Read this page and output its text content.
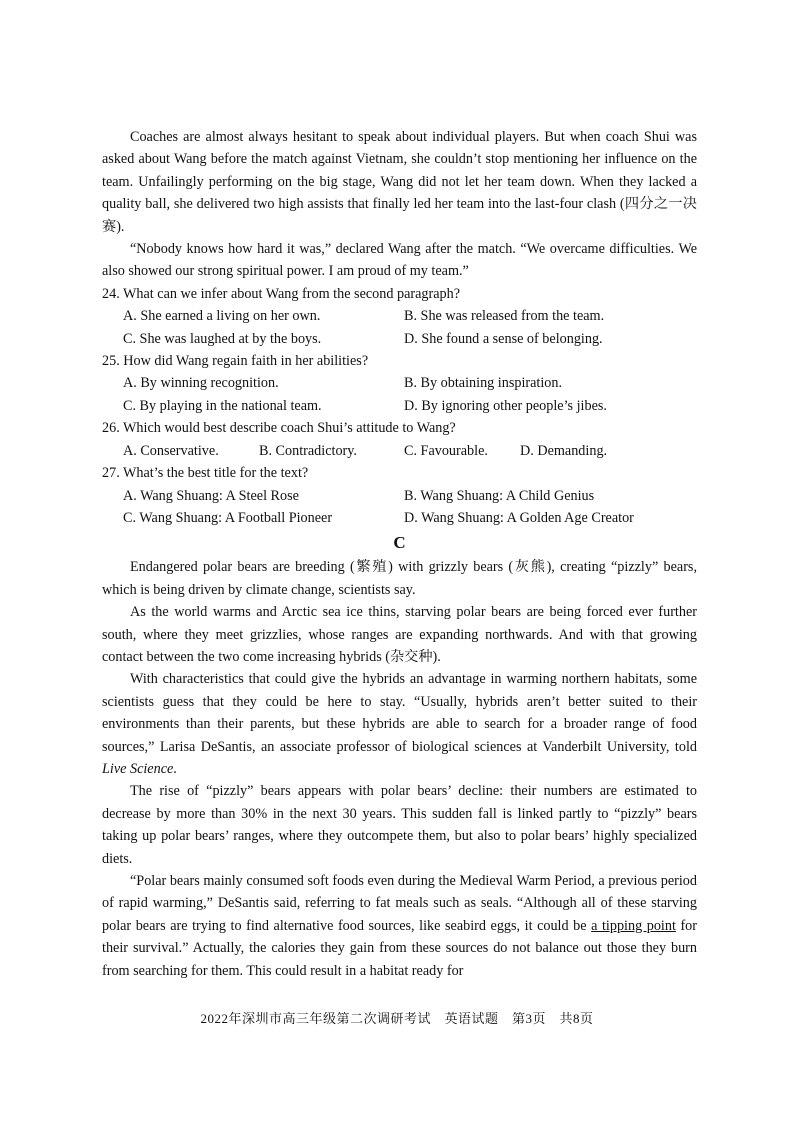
Coaches are almost always hesitant to speak about individual players. But when coach Shui was asked about Wang before the match against Vietnam, she couldn’t stop mentioning her influence on the team. Unfailingly performing on the big stage, Wang did not let her team down. When they lacked a quality ball, she delivered two high assists that finally led her team into the last-four clash (四分之一决赛).

“Nobody knows how hard it was,” declared Wang after the match. “We overcame difficulties. We also showed our strong spiritual power. I am proud of my team.”

24. What can we infer about Wang from the second paragraph?
A. She earned a living on her own.	B. She was released from the team.
C. She was laughed at by the boys.	D. She found a sense of belonging.
25. How did Wang regain faith in her abilities?
A. By winning recognition.	B. By obtaining inspiration.
C. By playing in the national team.	D. By ignoring other people’s jibes.
26. Which would best describe coach Shui’s attitude to Wang?
A. Conservative.	B. Contradictory.	C. Favourable.	D. Demanding.
27. What’s the best title for the text?
A. Wang Shuang: A Steel Rose	B. Wang Shuang: A Child Genius
C. Wang Shuang: A Football Pioneer	D. Wang Shuang: A Golden Age Creator
C

Endangered polar bears are breeding (繁殖) with grizzly bears (灰熊), creating “pizzly” bears, which is being driven by climate change, scientists say.

As the world warms and Arctic sea ice thins, starving polar bears are being forced ever further south, where they meet grizzlies, whose ranges are expanding northwards. And with that growing contact between the two come increasing hybrids (杂交种).

With characteristics that could give the hybrids an advantage in warming northern habitats, some scientists guess that they could be here to stay. “Usually, hybrids aren’t better suited to their environments than their parents, but these hybrids are able to search for a broader range of food sources,” Larisa DeSantis, an associate professor of biological sciences at Vanderbilt University, told Live Science.

The rise of “pizzly” bears appears with polar bears’ decline: their numbers are estimated to decrease by more than 30% in the next 30 years. This sudden fall is linked partly to “pizzly” bears taking up polar bears’ ranges, where they outcompete them, but also to polar bears’ highly specialized diets.

“Polar bears mainly consumed soft foods even during the Medieval Warm Period, a previous period of rapid warming,” DeSantis said, referring to fat meals such as seals. “Although all of these starving polar bears are trying to find alternative food sources, like seabird eggs, it could be a tipping point for their survival.” Actually, the calories they gain from these sources do not balance out those they burn from searching for them. This could result in a habitat ready for

2022年深圳市高三年级第二次调研考试　英语试题　第3页　共8页
